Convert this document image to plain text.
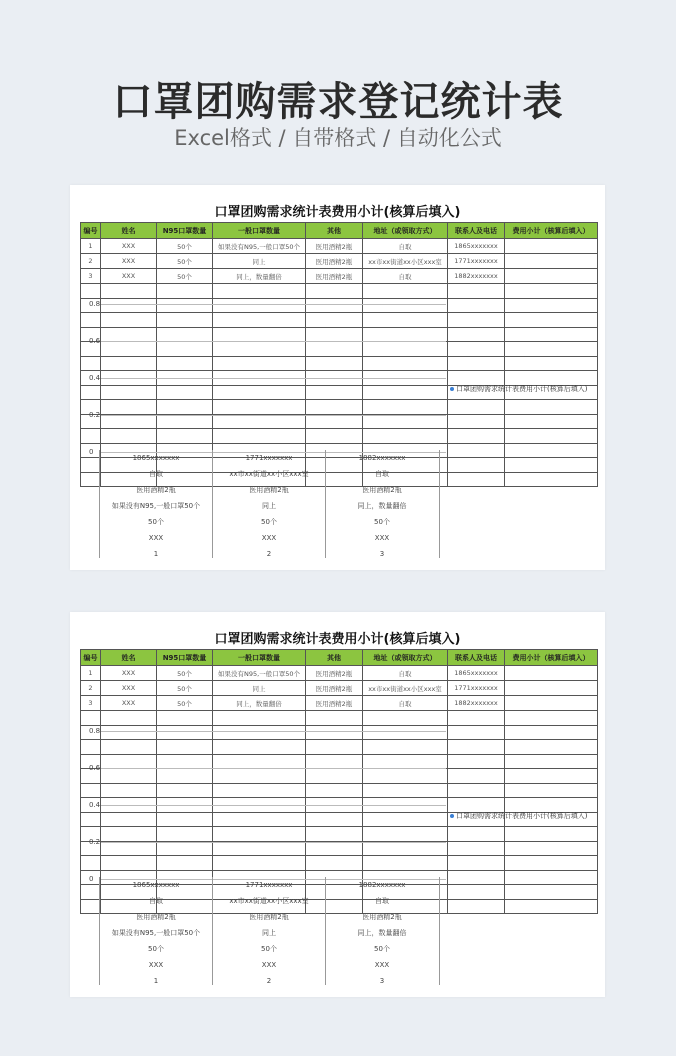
口罩团购需求登记统计表
Excel格式 / 自带格式 / 自动化公式
口罩团购需求统计表费用小计(核算后填入)
编号	姓名	N95口罩数量	一般口罩数量	其他	地址（或领取方式）	联系人及电话	费用小计（核算后填入）
1	XXX	50个	如果没有N95,一般口罩50个	医用酒精2瓶	自取	1865xxxxxxx	
2	XXX	50个	同上	医用酒精2瓶	xx市xx街道xx小区xxx室	1771xxxxxxx	
3	XXX	50个	同上，数量翻倍	医用酒精2瓶	自取	1882xxxxxxx	

0.8
0.6
0.4
0.2
0
口罩团购需求统计表费用小计(核算后填入)
1865xxxxxxx	1771xxxxxxx	1882xxxxxxx
自取	xx市xx街道xx小区xxx室	自取
医用酒精2瓶	医用酒精2瓶	医用酒精2瓶
如果没有N95,一般口罩50个	同上	同上，数量翻倍
50个	50个	50个
XXX	XXX	XXX
1	2	3
口罩团购需求统计表费用小计(核算后填入)
编号	姓名	N95口罩数量	一般口罩数量	其他	地址（或领取方式）	联系人及电话	费用小计（核算后填入）
1	XXX	50个	如果没有N95,一般口罩50个	医用酒精2瓶	自取	1865xxxxxxx	
2	XXX	50个	同上	医用酒精2瓶	xx市xx街道xx小区xxx室	1771xxxxxxx	
3	XXX	50个	同上，数量翻倍	医用酒精2瓶	自取	1882xxxxxxx	

0.8
0.6
0.4
0.2
0
口罩团购需求统计表费用小计(核算后填入)
1865xxxxxxx	1771xxxxxxx	1882xxxxxxx
自取	xx市xx街道xx小区xxx室	自取
医用酒精2瓶	医用酒精2瓶	医用酒精2瓶
如果没有N95,一般口罩50个	同上	同上，数量翻倍
50个	50个	50个
XXX	XXX	XXX
1	2	3
